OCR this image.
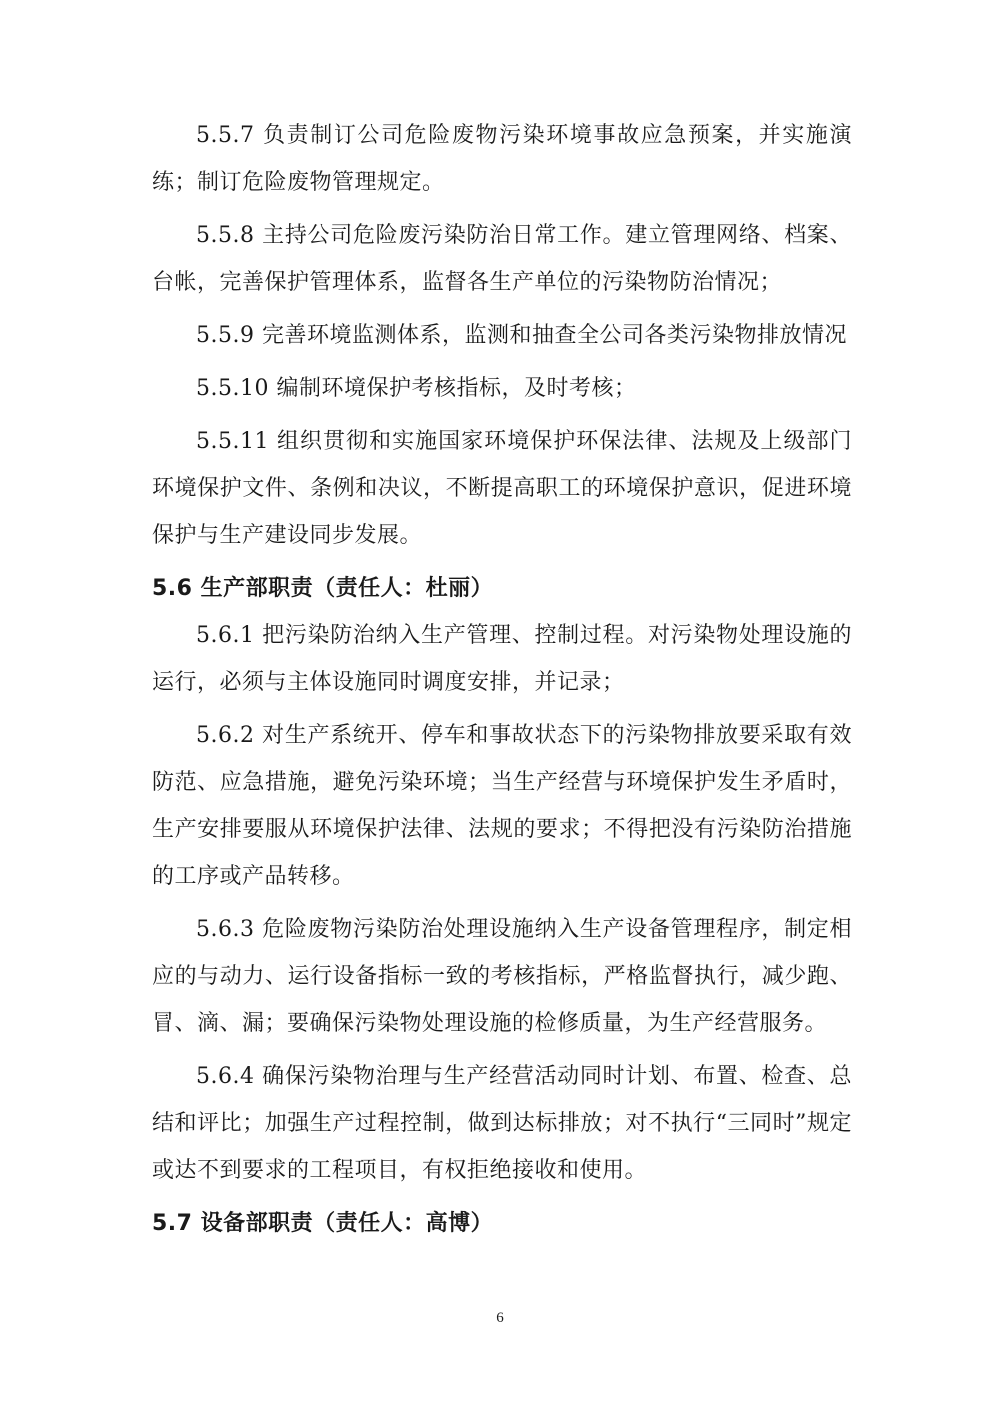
5.5.7 负责制订公司危险废物污染环境事故应急预案，并实施演练；制订危险废物管理规定。

5.5.8 主持公司危险废污染防治日常工作。建立管理网络、档案、台帐，完善保护管理体系，监督各生产单位的污染物防治情况；

5.5.9 完善环境监测体系，监测和抽查全公司各类污染物排放情况

5.5.10 编制环境保护考核指标，及时考核；

5.5.11 组织贯彻和实施国家环境保护环保法律、法规及上级部门环境保护文件、条例和决议，不断提高职工的环境保护意识，促进环境保护与生产建设同步发展。

5.6 生产部职责（责任人：杜丽）

5.6.1 把污染防治纳入生产管理、控制过程。对污染物处理设施的运行，必须与主体设施同时调度安排，并记录；

5.6.2 对生产系统开、停车和事故状态下的污染物排放要采取有效防范、应急措施，避免污染环境；当生产经营与环境保护发生矛盾时，生产安排要服从环境保护法律、法规的要求；不得把没有污染防治措施的工序或产品转移。

5.6.3 危险废物污染防治处理设施纳入生产设备管理程序，制定相应的与动力、运行设备指标一致的考核指标，严格监督执行，减少跑、冒、滴、漏；要确保污染物处理设施的检修质量，为生产经营服务。

5.6.4 确保污染物治理与生产经营活动同时计划、布置、检查、总结和评比；加强生产过程控制，做到达标排放；对不执行“三同时”规定或达不到要求的工程项目，有权拒绝接收和使用。

5.7 设备部职责（责任人：高博）
6
